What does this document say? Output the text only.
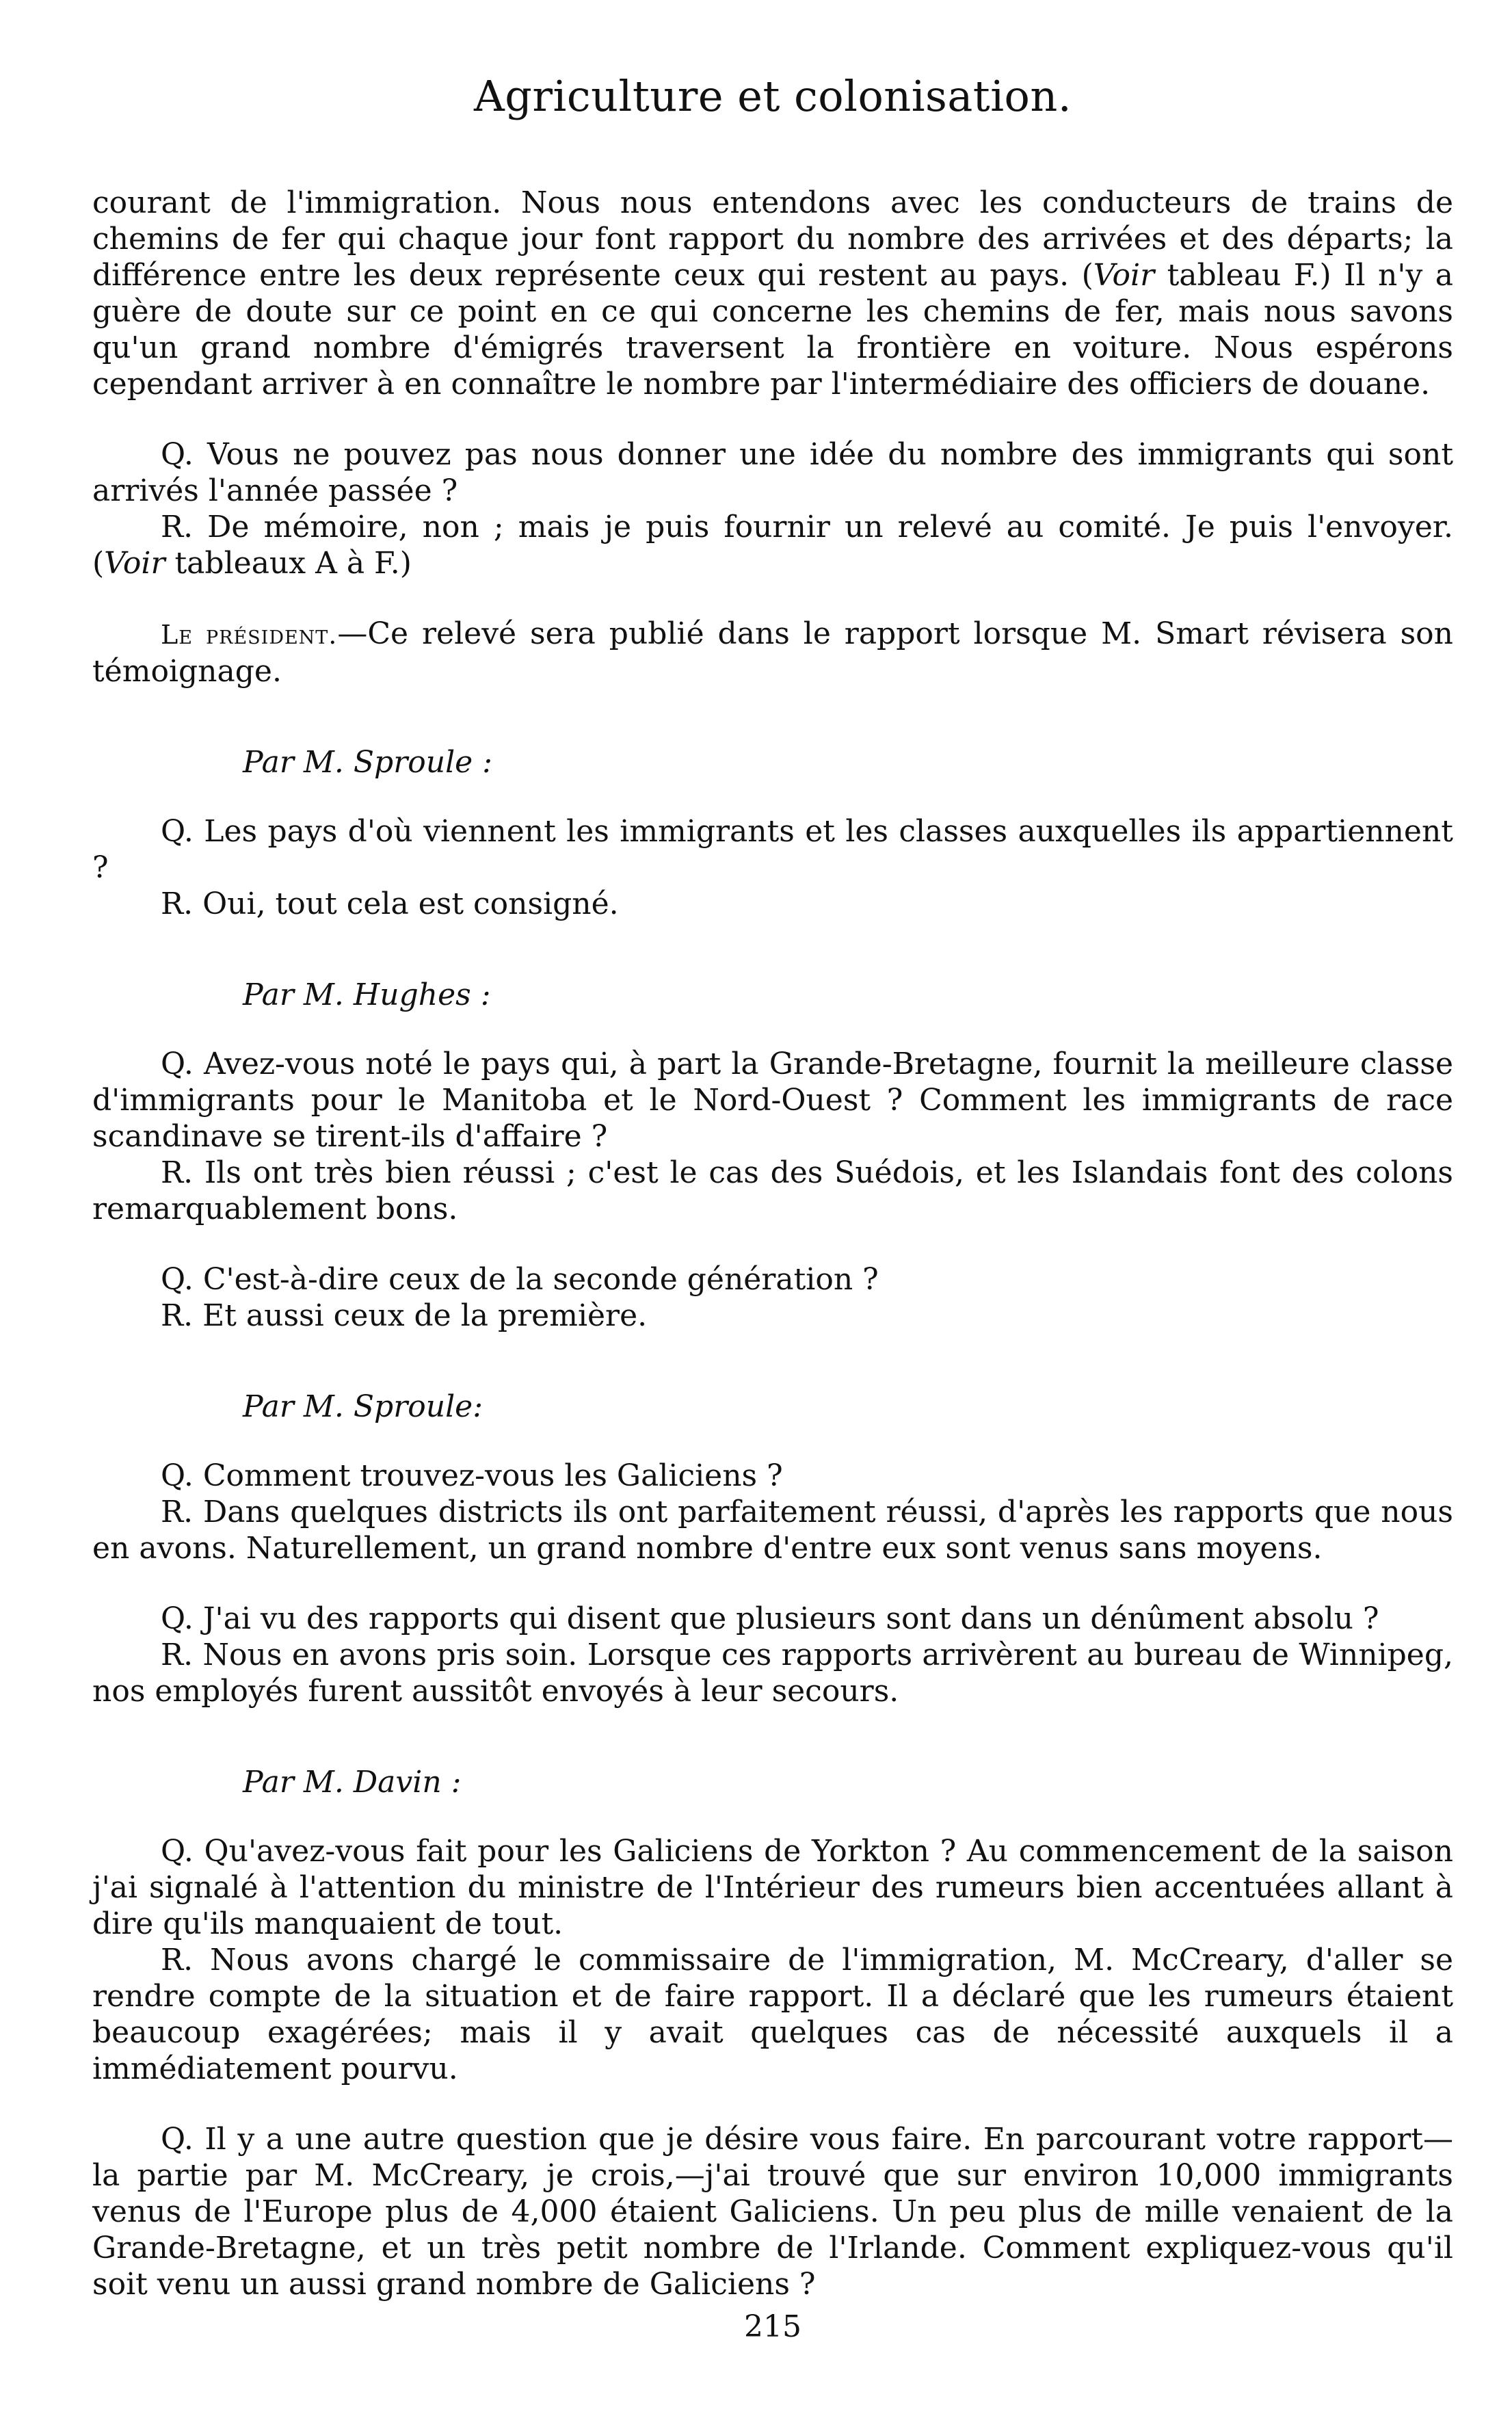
Agriculture et colonisation.

courant de l'immigration. Nous nous entendons avec les conducteurs de trains de chemins de fer qui chaque jour font rapport du nombre des arrivées et des départs; la différence entre les deux représente ceux qui restent au pays. (Voir tableau F.) Il n'y a guère de doute sur ce point en ce qui concerne les chemins de fer, mais nous savons qu'un grand nombre d'émigrés traversent la frontière en voiture. Nous espérons cependant arriver à en connaître le nombre par l'intermédiaire des officiers de douane.

Q. Vous ne pouvez pas nous donner une idée du nombre des immigrants qui sont arrivés l'année passée ?

R. De mémoire, non ; mais je puis fournir un relevé au comité. Je puis l'envoyer. (Voir tableaux A à F.)

Le président.—Ce relevé sera publié dans le rapport lorsque M. Smart révisera son témoignage.

Par M. Sproule :

Q. Les pays d'où viennent les immigrants et les classes auxquelles ils appartiennent ?

R. Oui, tout cela est consigné.

Par M. Hughes :

Q. Avez-vous noté le pays qui, à part la Grande-Bretagne, fournit la meilleure classe d'immigrants pour le Manitoba et le Nord-Ouest ? Comment les immigrants de race scandinave se tirent-ils d'affaire ?

R. Ils ont très bien réussi ; c'est le cas des Suédois, et les Islandais font des colons remarquablement bons.

Q. C'est-à-dire ceux de la seconde génération ?

R. Et aussi ceux de la première.

Par M. Sproule:

Q. Comment trouvez-vous les Galiciens ?

R. Dans quelques districts ils ont parfaitement réussi, d'après les rapports que nous en avons. Naturellement, un grand nombre d'entre eux sont venus sans moyens.

Q. J'ai vu des rapports qui disent que plusieurs sont dans un dénûment absolu ?

R. Nous en avons pris soin. Lorsque ces rapports arrivèrent au bureau de Winnipeg, nos employés furent aussitôt envoyés à leur secours.

Par M. Davin :

Q. Qu'avez-vous fait pour les Galiciens de Yorkton ? Au commencement de la saison j'ai signalé à l'attention du ministre de l'Intérieur des rumeurs bien accentuées allant à dire qu'ils manquaient de tout.

R. Nous avons chargé le commissaire de l'immigration, M. McCreary, d'aller se rendre compte de la situation et de faire rapport. Il a déclaré que les rumeurs étaient beaucoup exagérées; mais il y avait quelques cas de nécessité auxquels il a immédiatement pourvu.

Q. Il y a une autre question que je désire vous faire. En parcourant votre rapport—la partie par M. McCreary, je crois,—j'ai trouvé que sur environ 10,000 immigrants venus de l'Europe plus de 4,000 étaient Galiciens. Un peu plus de mille venaient de la Grande-Bretagne, et un très petit nombre de l'Irlande. Comment expliquez-vous qu'il soit venu un aussi grand nombre de Galiciens ?

215
